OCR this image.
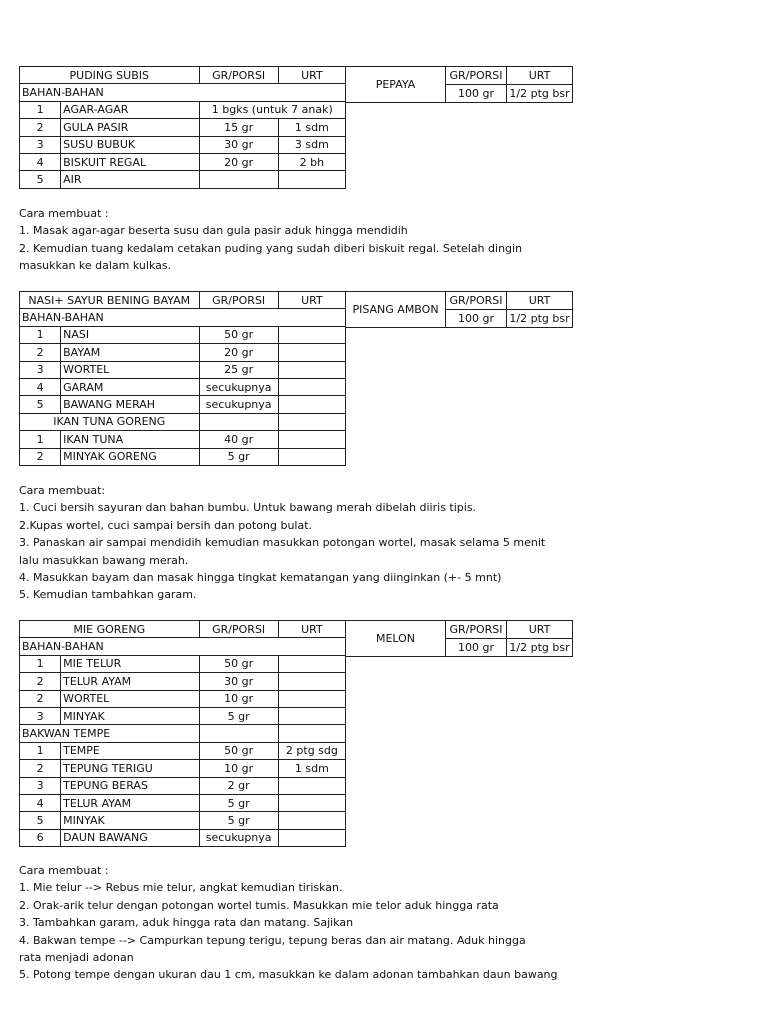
PUDING SUBIS		GR/PORSI	URT
BAHAN-BAHAN			
1	AGAR-AGAR	1 bgks (untuk 7 anak)	
2	GULA PASIR	15 gr	1 sdm
3	SUSU BUBUK	30 gr	3 sdm
4	BISKUIT REGAL	20 gr	2 bh
5	AIR		
PEPAYA	GR/PORSI	URT
	100 gr	1/2 ptg bsr
Cara membuat :
1. Masak agar-agar beserta susu dan gula pasir aduk hingga mendidih
2. Kemudian tuang kedalam cetakan puding yang sudah diberi biskuit regal. Setelah dingin
masukkan ke dalam kulkas.
NASI+ SAYUR BENING BAYAM		GR/PORSI	URT
BAHAN-BAHAN			
1	NASI	50 gr	
2	BAYAM	20 gr	
3	WORTEL	25 gr	
4	GARAM	secukupnya	
5	BAWANG MERAH	secukupnya	
IKAN TUNA GORENG			
1	IKAN TUNA	40 gr	
2	MINYAK GORENG	5 gr	
PISANG AMBON	GR/PORSI	URT
	100 gr	1/2 ptg bsr
Cara membuat:
1. Cuci bersih sayuran dan bahan bumbu. Untuk bawang merah dibelah diiris tipis.
2.Kupas wortel, cuci sampai bersih dan potong bulat.
3. Panaskan air sampai mendidih kemudian masukkan potongan wortel, masak selama 5 menit
lalu masukkan bawang merah.
4. Masukkan bayam dan masak hingga tingkat kematangan yang diinginkan (+- 5 mnt)
5. Kemudian tambahkan garam.
MIE GORENG		GR/PORSI	URT
BAHAN-BAHAN			
1	MIE TELUR	50 gr	
2	TELUR AYAM	30 gr	
2	WORTEL	10 gr	
3	MINYAK	5 gr	
BAKWAN TEMPE			
1	TEMPE	50 gr	2 ptg sdg
2	TEPUNG TERIGU	10 gr	1 sdm
3	TEPUNG BERAS	2 gr	
4	TELUR AYAM	5 gr	
5	MINYAK	5 gr	
6	DAUN BAWANG	secukupnya	
MELON	GR/PORSI	URT
	100 gr	1/2 ptg bsr
Cara membuat :
1. Mie telur --> Rebus mie telur, angkat kemudian tiriskan.
2. Orak-arik telur dengan potongan wortel tumis. Masukkan mie telor aduk hingga rata
3. Tambahkan garam, aduk hingga rata dan matang. Sajikan
4. Bakwan tempe --> Campurkan tepung terigu, tepung beras dan air matang. Aduk hingga
rata menjadi adonan
5. Potong tempe dengan ukuran dau 1 cm, masukkan ke dalam adonan tambahkan daun bawang
